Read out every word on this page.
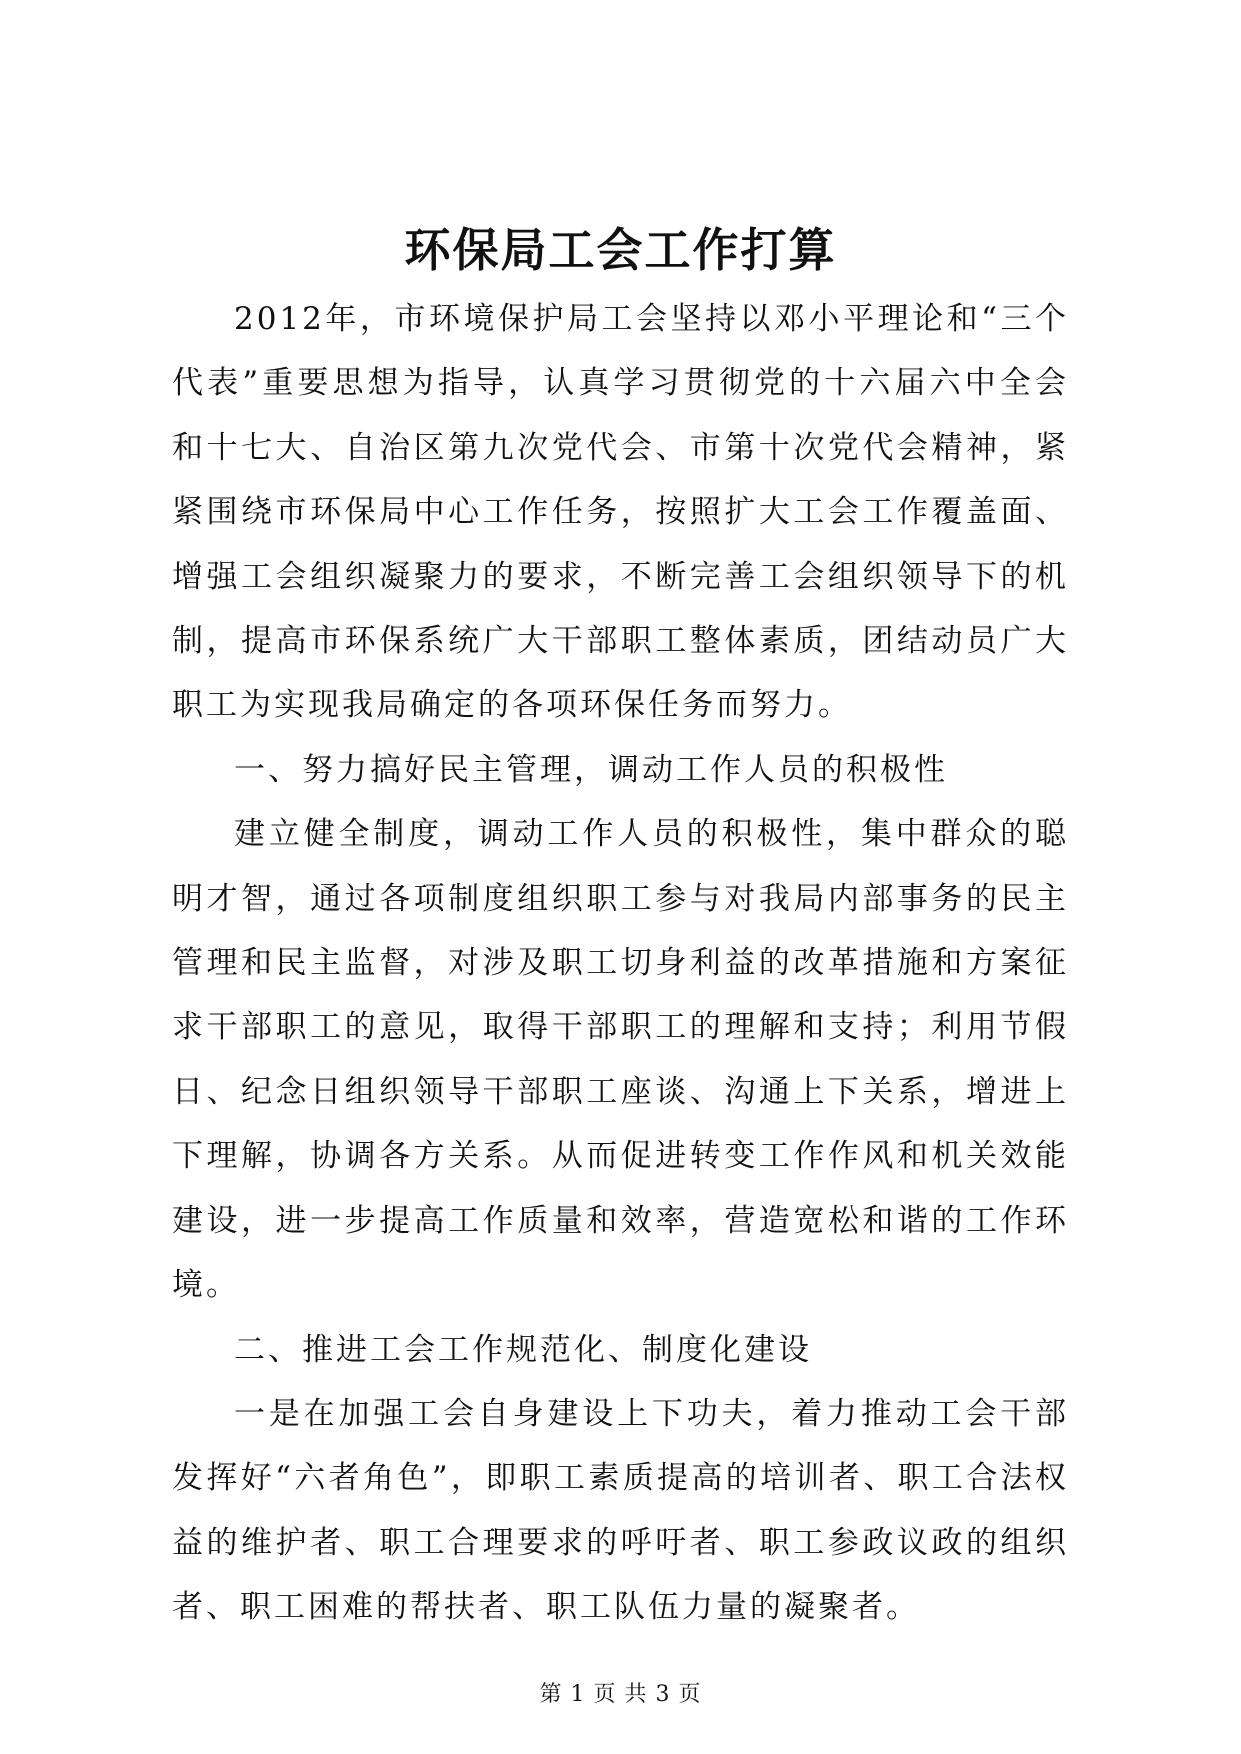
环保局工会工作打算

2012年，市环境保护局工会坚持以邓小平理论和“三个代表”重要思想为指导，认真学习贯彻党的十六届六中全会和十七大、自治区第九次党代会、市第十次党代会精神，紧紧围绕市环保局中心工作任务，按照扩大工会工作覆盖面、增强工会组织凝聚力的要求，不断完善工会组织领导下的机制，提高市环保系统广大干部职工整体素质，团结动员广大职工为实现我局确定的各项环保任务而努力。

一、努力搞好民主管理，调动工作人员的积极性

建立健全制度，调动工作人员的积极性，集中群众的聪明才智，通过各项制度组织职工参与对我局内部事务的民主管理和民主监督，对涉及职工切身利益的改革措施和方案征求干部职工的意见，取得干部职工的理解和支持；利用节假日、纪念日组织领导干部职工座谈、沟通上下关系，增进上下理解，协调各方关系。从而促进转变工作作风和机关效能建设，进一步提高工作质量和效率，营造宽松和谐的工作环境。

二、推进工会工作规范化、制度化建设

一是在加强工会自身建设上下功夫，着力推动工会干部发挥好“六者角色”，即职工素质提高的培训者、职工合法权益的维护者、职工合理要求的呼吁者、职工参政议政的组织者、职工困难的帮扶者、职工队伍力量的凝聚者。

第 1 页 共 3 页
